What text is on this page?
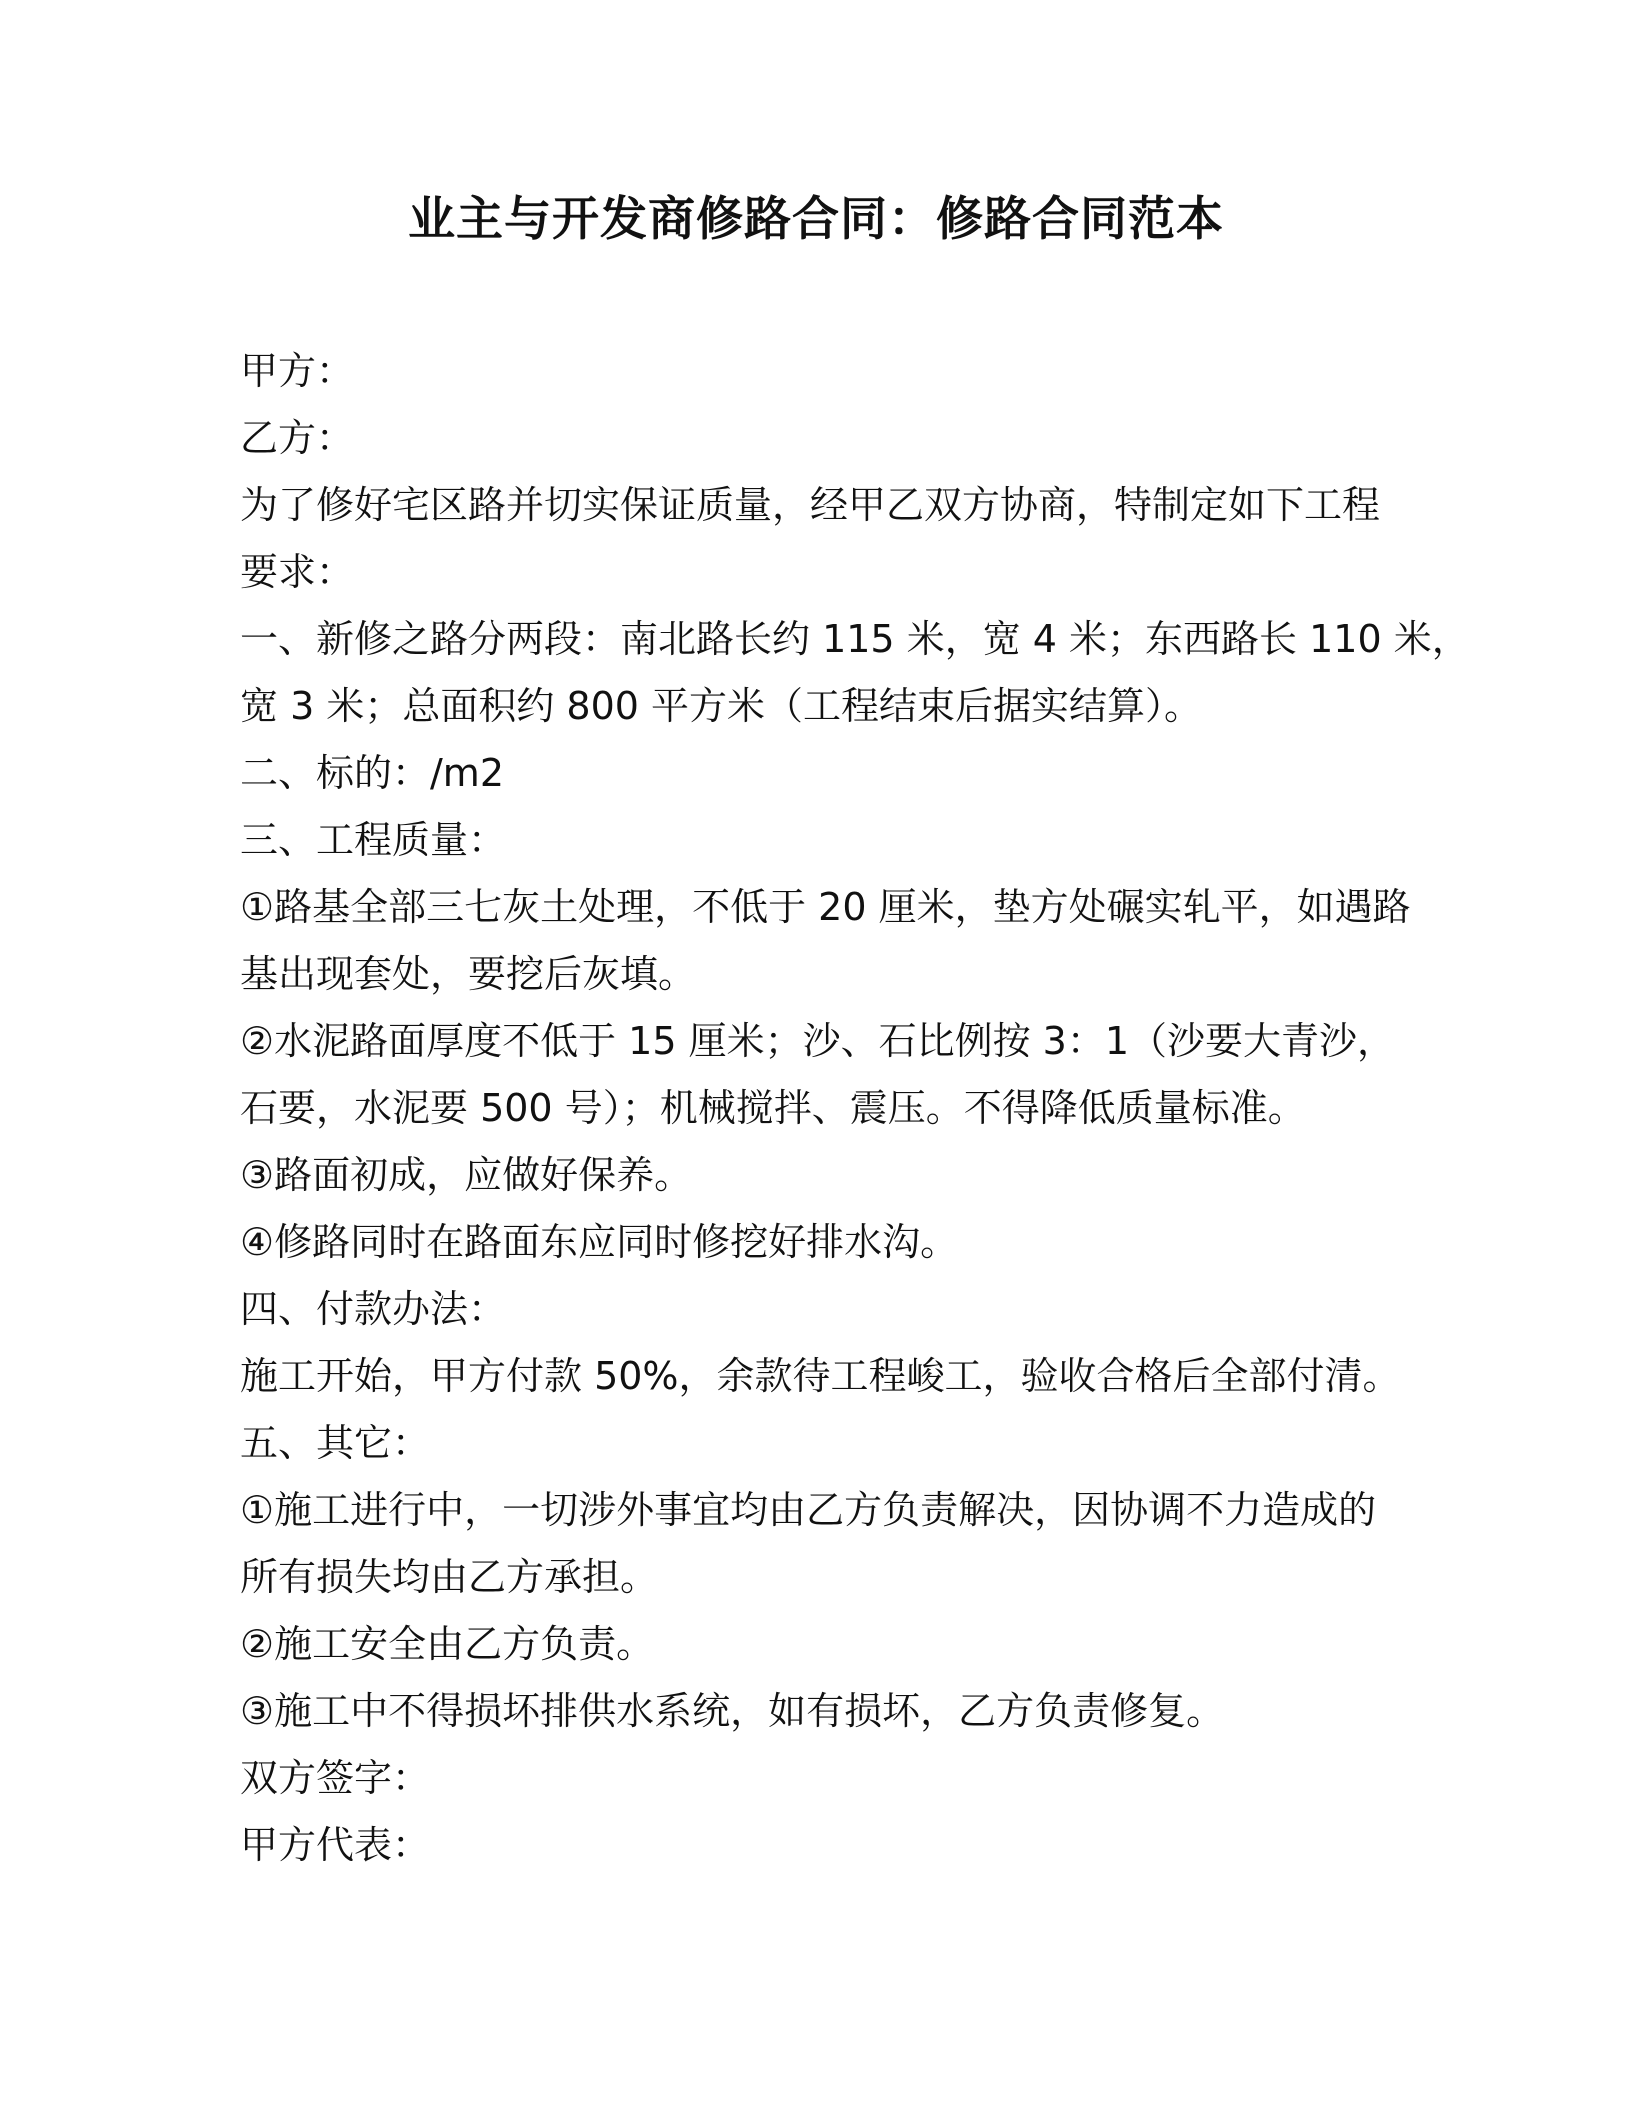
业主与开发商修路合同：修路合同范本

甲方：

乙方：

为了修好宅区路并切实保证质量，经甲乙双方协商，特制定如下工程

要求：

一、新修之路分两段：南北路长约 115 米，宽 4 米；东西路长 110 米，

宽 3 米；总面积约 800 平方米（工程结束后据实结算）。

二、标的：/m2

三、工程质量：

①路基全部三七灰土处理，不低于 20 厘米，垫方处碾实轧平，如遇路

基出现套处，要挖后灰填。

②水泥路面厚度不低于 15 厘米；沙、石比例按 3：1（沙要大青沙，

石要，水泥要 500 号）；机械搅拌、震压。不得降低质量标准。

③路面初成，应做好保养。

④修路同时在路面东应同时修挖好排水沟。

四、付款办法：

施工开始，甲方付款 50%，余款待工程峻工，验收合格后全部付清。

五、其它：

①施工进行中，一切涉外事宜均由乙方负责解决，因协调不力造成的

所有损失均由乙方承担。

②施工安全由乙方负责。

③施工中不得损坏排供水系统，如有损坏，乙方负责修复。

双方签字：

甲方代表：
